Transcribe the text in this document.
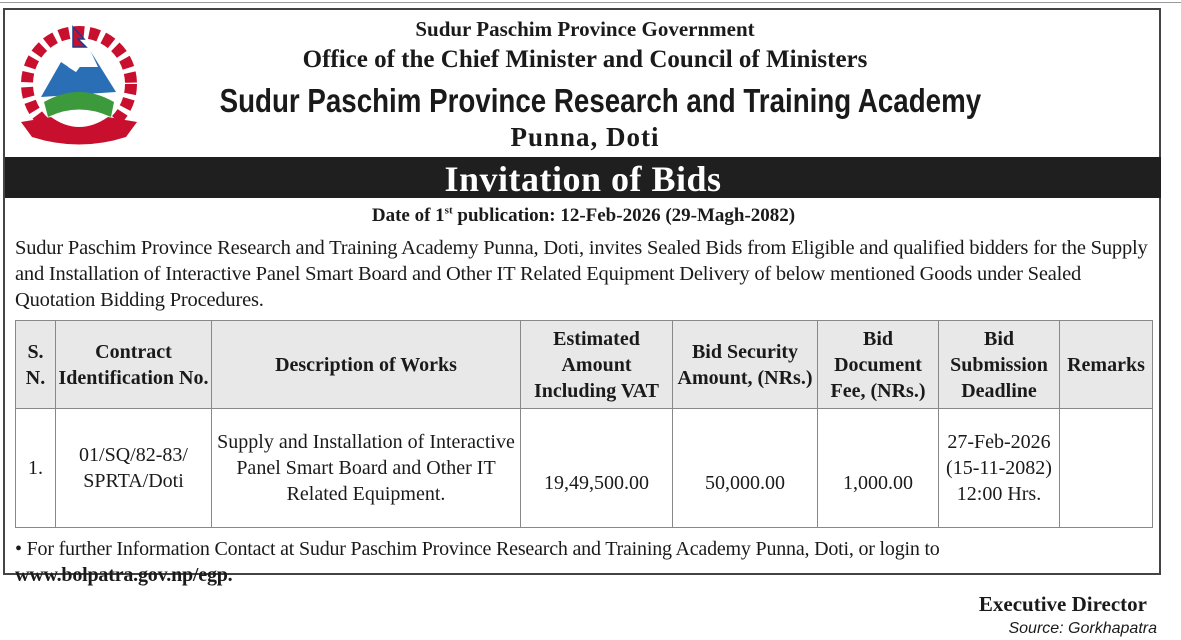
Sudur Paschim Province Government
Office of the Chief Minister and Council of Ministers
Sudur Paschim Province Research and Training Academy
Punna, Doti
Invitation of Bids
Date of 1st publication: 12-Feb-2026 (29-Magh-2082)
Sudur Paschim Province Research and Training Academy Punna, Doti, invites Sealed Bids from Eligible and qualified bidders for the Supply and Installation of Interactive Panel Smart Board and Other IT Related Equipment Delivery of below mentioned Goods under Sealed Quotation Bidding Procedures.
S. N.	Contract Identification No.	Description of Works	Estimated Amount Including VAT	Bid Security Amount, (NRs.)	Bid Document Fee, (NRs.)	Bid Submission Deadline	Remarks
1.	01/SQ/82-83/ SPRTA/Doti	Supply and Installation of Interactive Panel Smart Board and Other IT Related Equipment.	19,49,500.00	50,000.00	1,000.00	27-Feb-2026 (15-11-2082) 12:00 Hrs.	
• For further Information Contact at Sudur Paschim Province Research and Training Academy Punna, Doti, or login to www.bolpatra.gov.np/egp.
Executive Director
Source: Gorkhapatra
